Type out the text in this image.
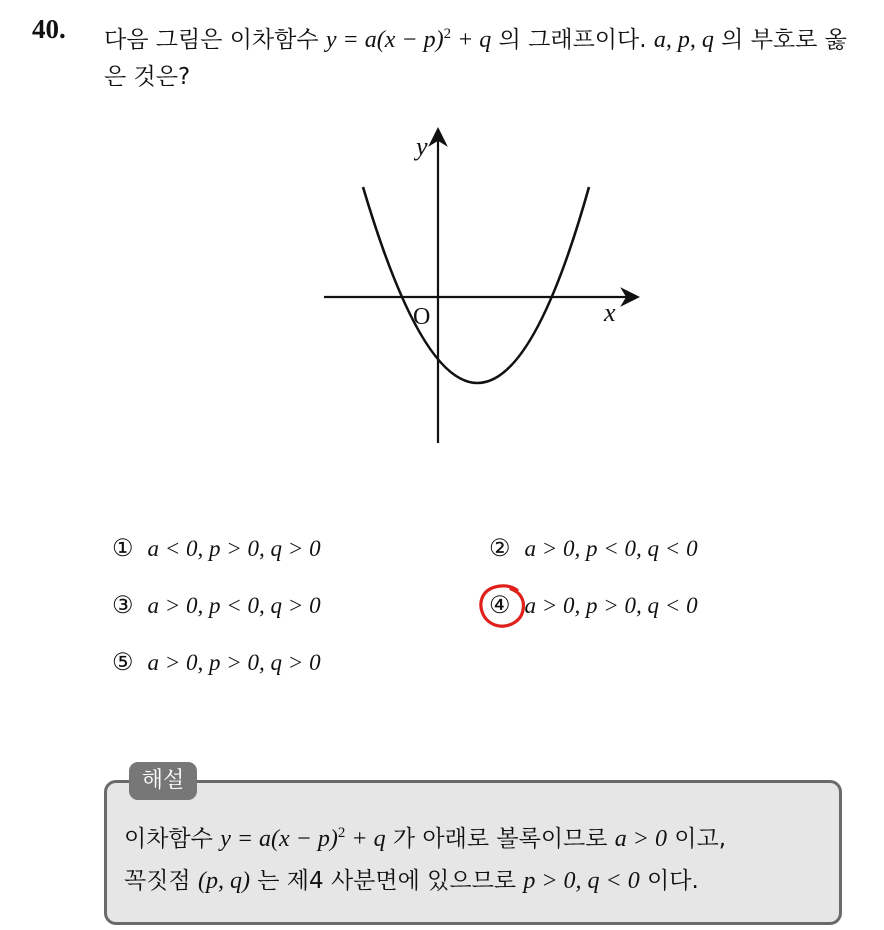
40. 다음 그림은 이차함수 $y = a(x - p)^2 + q$ 의 그래프이다. a, p, q 의 부호로 옳은 것은?
y
x
O
① a < 0, p > 0, q > 0	② a > 0, p < 0, q < 0
③ a > 0, p < 0, q > 0	④ a > 0, p > 0, q < 0
⑤ a > 0, p > 0, q > 0
해설
이차함수 $y = a(x - p)^2 + q$ 가 아래로 볼록이므로 a > 0 이고,
꼭짓점 (p, q) 는 제4 사분면에 있으므로 p > 0, q < 0 이다.
